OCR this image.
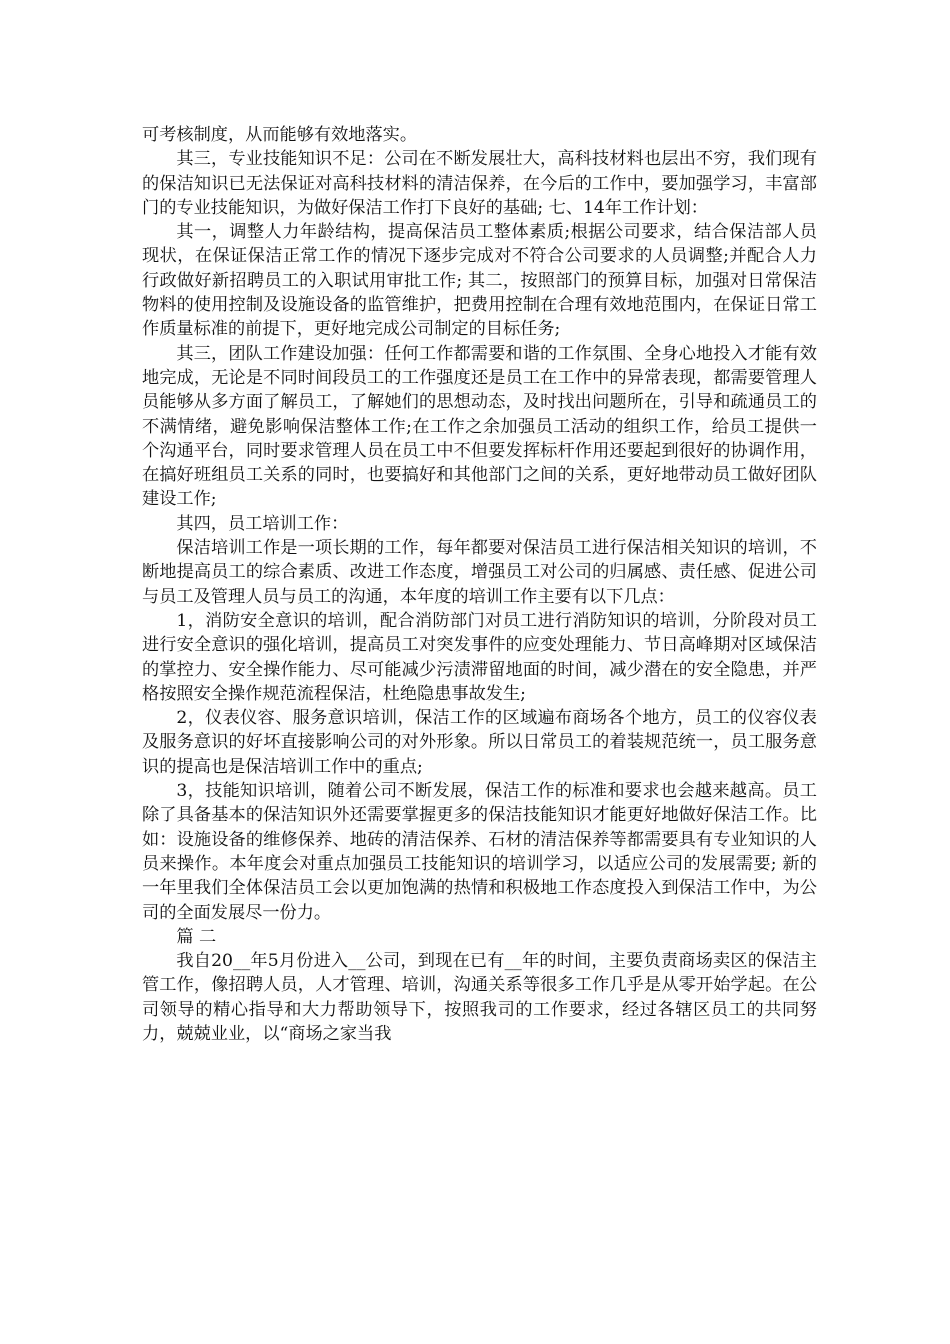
可考核制度，从而能够有效地落实。

其三，专业技能知识不足：公司在不断发展壮大，高科技材料也层出不穷，我们现有的保洁知识已无法保证对高科技材料的清洁保养，在今后的工作中，要加强学习，丰富部门的专业技能知识，为做好保洁工作打下良好的基础; 七、14年工作计划：

其一，调整人力年龄结构，提高保洁员工整体素质;根据公司要求，结合保洁部人员现状，在保证保洁正常工作的情况下逐步完成对不符合公司要求的人员调整;并配合人力行政做好新招聘员工的入职试用审批工作; 其二，按照部门的预算目标，加强对日常保洁物料的使用控制及设施设备的监管维护，把费用控制在合理有效地范围内，在保证日常工作质量标准的前提下，更好地完成公司制定的目标任务;

其三，团队工作建设加强：任何工作都需要和谐的工作氛围、全身心地投入才能有效地完成，无论是不同时间段员工的工作强度还是员工在工作中的异常表现，都需要管理人员能够从多方面了解员工，了解她们的思想动态，及时找出问题所在，引导和疏通员工的不满情绪，避免影响保洁整体工作;在工作之余加强员工活动的组织工作，给员工提供一个沟通平台，同时要求管理人员在员工中不但要发挥标杆作用还要起到很好的协调作用，在搞好班组员工关系的同时，也要搞好和其他部门之间的关系，更好地带动员工做好团队建设工作;

其四，员工培训工作：

保洁培训工作是一项长期的工作，每年都要对保洁员工进行保洁相关知识的培训，不断地提高员工的综合素质、改进工作态度，增强员工对公司的归属感、责任感、促进公司与员工及管理人员与员工的沟通，本年度的培训工作主要有以下几点：

1，消防安全意识的培训，配合消防部门对员工进行消防知识的培训，分阶段对员工进行安全意识的强化培训，提高员工对突发事件的应变处理能力、节日高峰期对区域保洁的掌控力、安全操作能力、尽可能减少污渍滞留地面的时间，减少潜在的安全隐患，并严格按照安全操作规范流程保洁，杜绝隐患事故发生;

2，仪表仪容、服务意识培训，保洁工作的区域遍布商场各个地方，员工的仪容仪表及服务意识的好坏直接影响公司的对外形象。所以日常员工的着装规范统一，员工服务意识的提高也是保洁培训工作中的重点;

3，技能知识培训，随着公司不断发展，保洁工作的标准和要求也会越来越高。员工除了具备基本的保洁知识外还需要掌握更多的保洁技能知识才能更好地做好保洁工作。比如：设施设备的维修保养、地砖的清洁保养、石材的清洁保养等都需要具有专业知识的人员来操作。本年度会对重点加强员工技能知识的培训学习，以适应公司的发展需要; 新的一年里我们全体保洁员工会以更加饱满的热情和积极地工作态度投入到保洁工作中，为公司的全面发展尽一份力。

篇 二

我自20__年5月份进入__公司，到现在已有__年的时间，主要负责商场卖区的保洁主管工作，像招聘人员，人才管理、培训，沟通关系等很多工作几乎是从零开始学起。在公司领导的精心指导和大力帮助领导下，按照我司的工作要求，经过各辖区员工的共同努力，兢兢业业，以“商场之家当我
